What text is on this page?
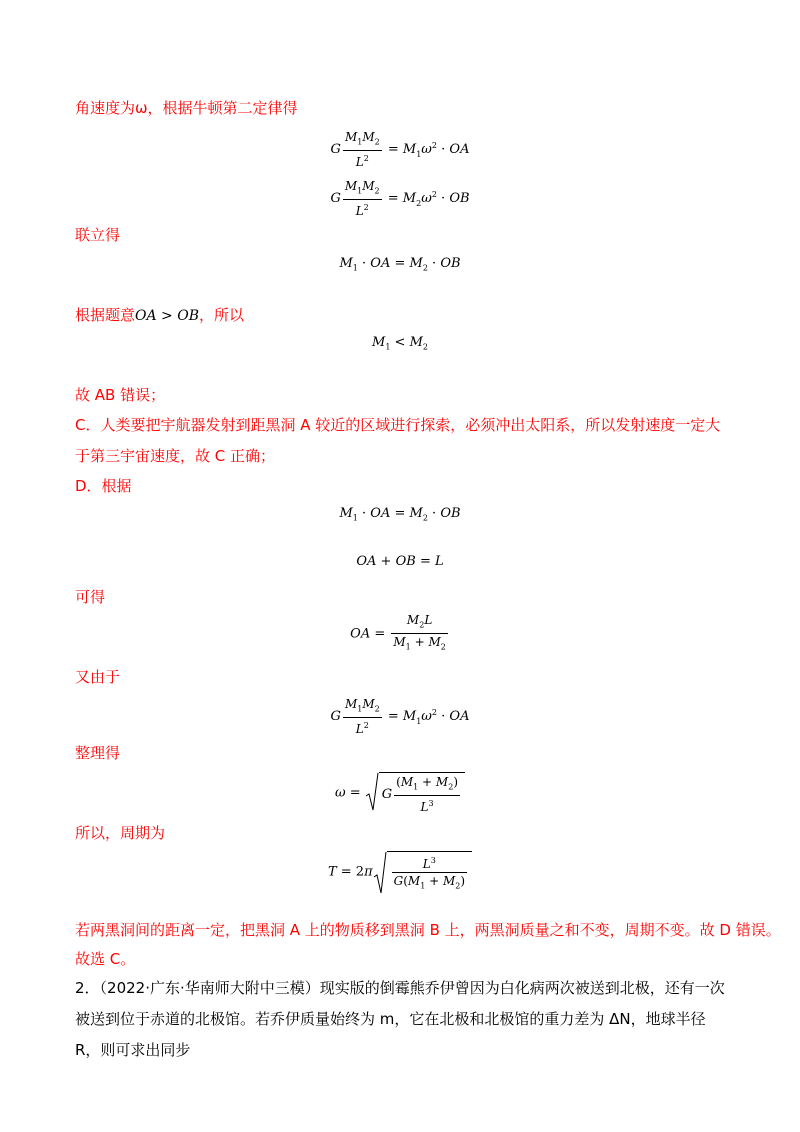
角速度为ω，根据牛顿第二定律得
G $\frac{M_1M_2}{L^2} = M_1\omega^2$ · OA
G $\frac{M_1M_2}{L^2} = M_2\omega^2$ · OB
联立得
$M_1$ · OA = $M_2$ · OB
根据题意OA > OB，所以
$M_1 < M_2$
故 AB 错误；
C．人类要把宇航器发射到距黑洞 A 较近的区域进行探索，必须冲出太阳系，所以发射速度一定大于第三宇宙速度，故 C 正确；
D．根据
$M_1$ · OA = $M_2$ · OB
OA + OB = L
可得
OA = $\frac{M_2L}{M_1 + M_2}$
又由于
G $\frac{M_1M_2}{L^2} = M_1\omega^2$ · OA
整理得
ω =
G $\frac{(M_1 + M_2)}{L^3}$
所以，周期为
$T = 2\pi \frac{L^3}{G(M_1 + M_2)}$
若两黑洞间的距离一定，把黑洞 A 上的物质移到黑洞 B 上，两黑洞质量之和不变，周期不变。故 D 错误。
故选 C。
2．（2022·广东·华南师大附中三模）现实版的倒霉熊乔伊曾因为白化病两次被送到北极，还有一次被送到位于赤道的北极馆。若乔伊质量始终为 m，它在北极和北极馆的重力差为 ΔN，地球半径 R，则可求出同步
